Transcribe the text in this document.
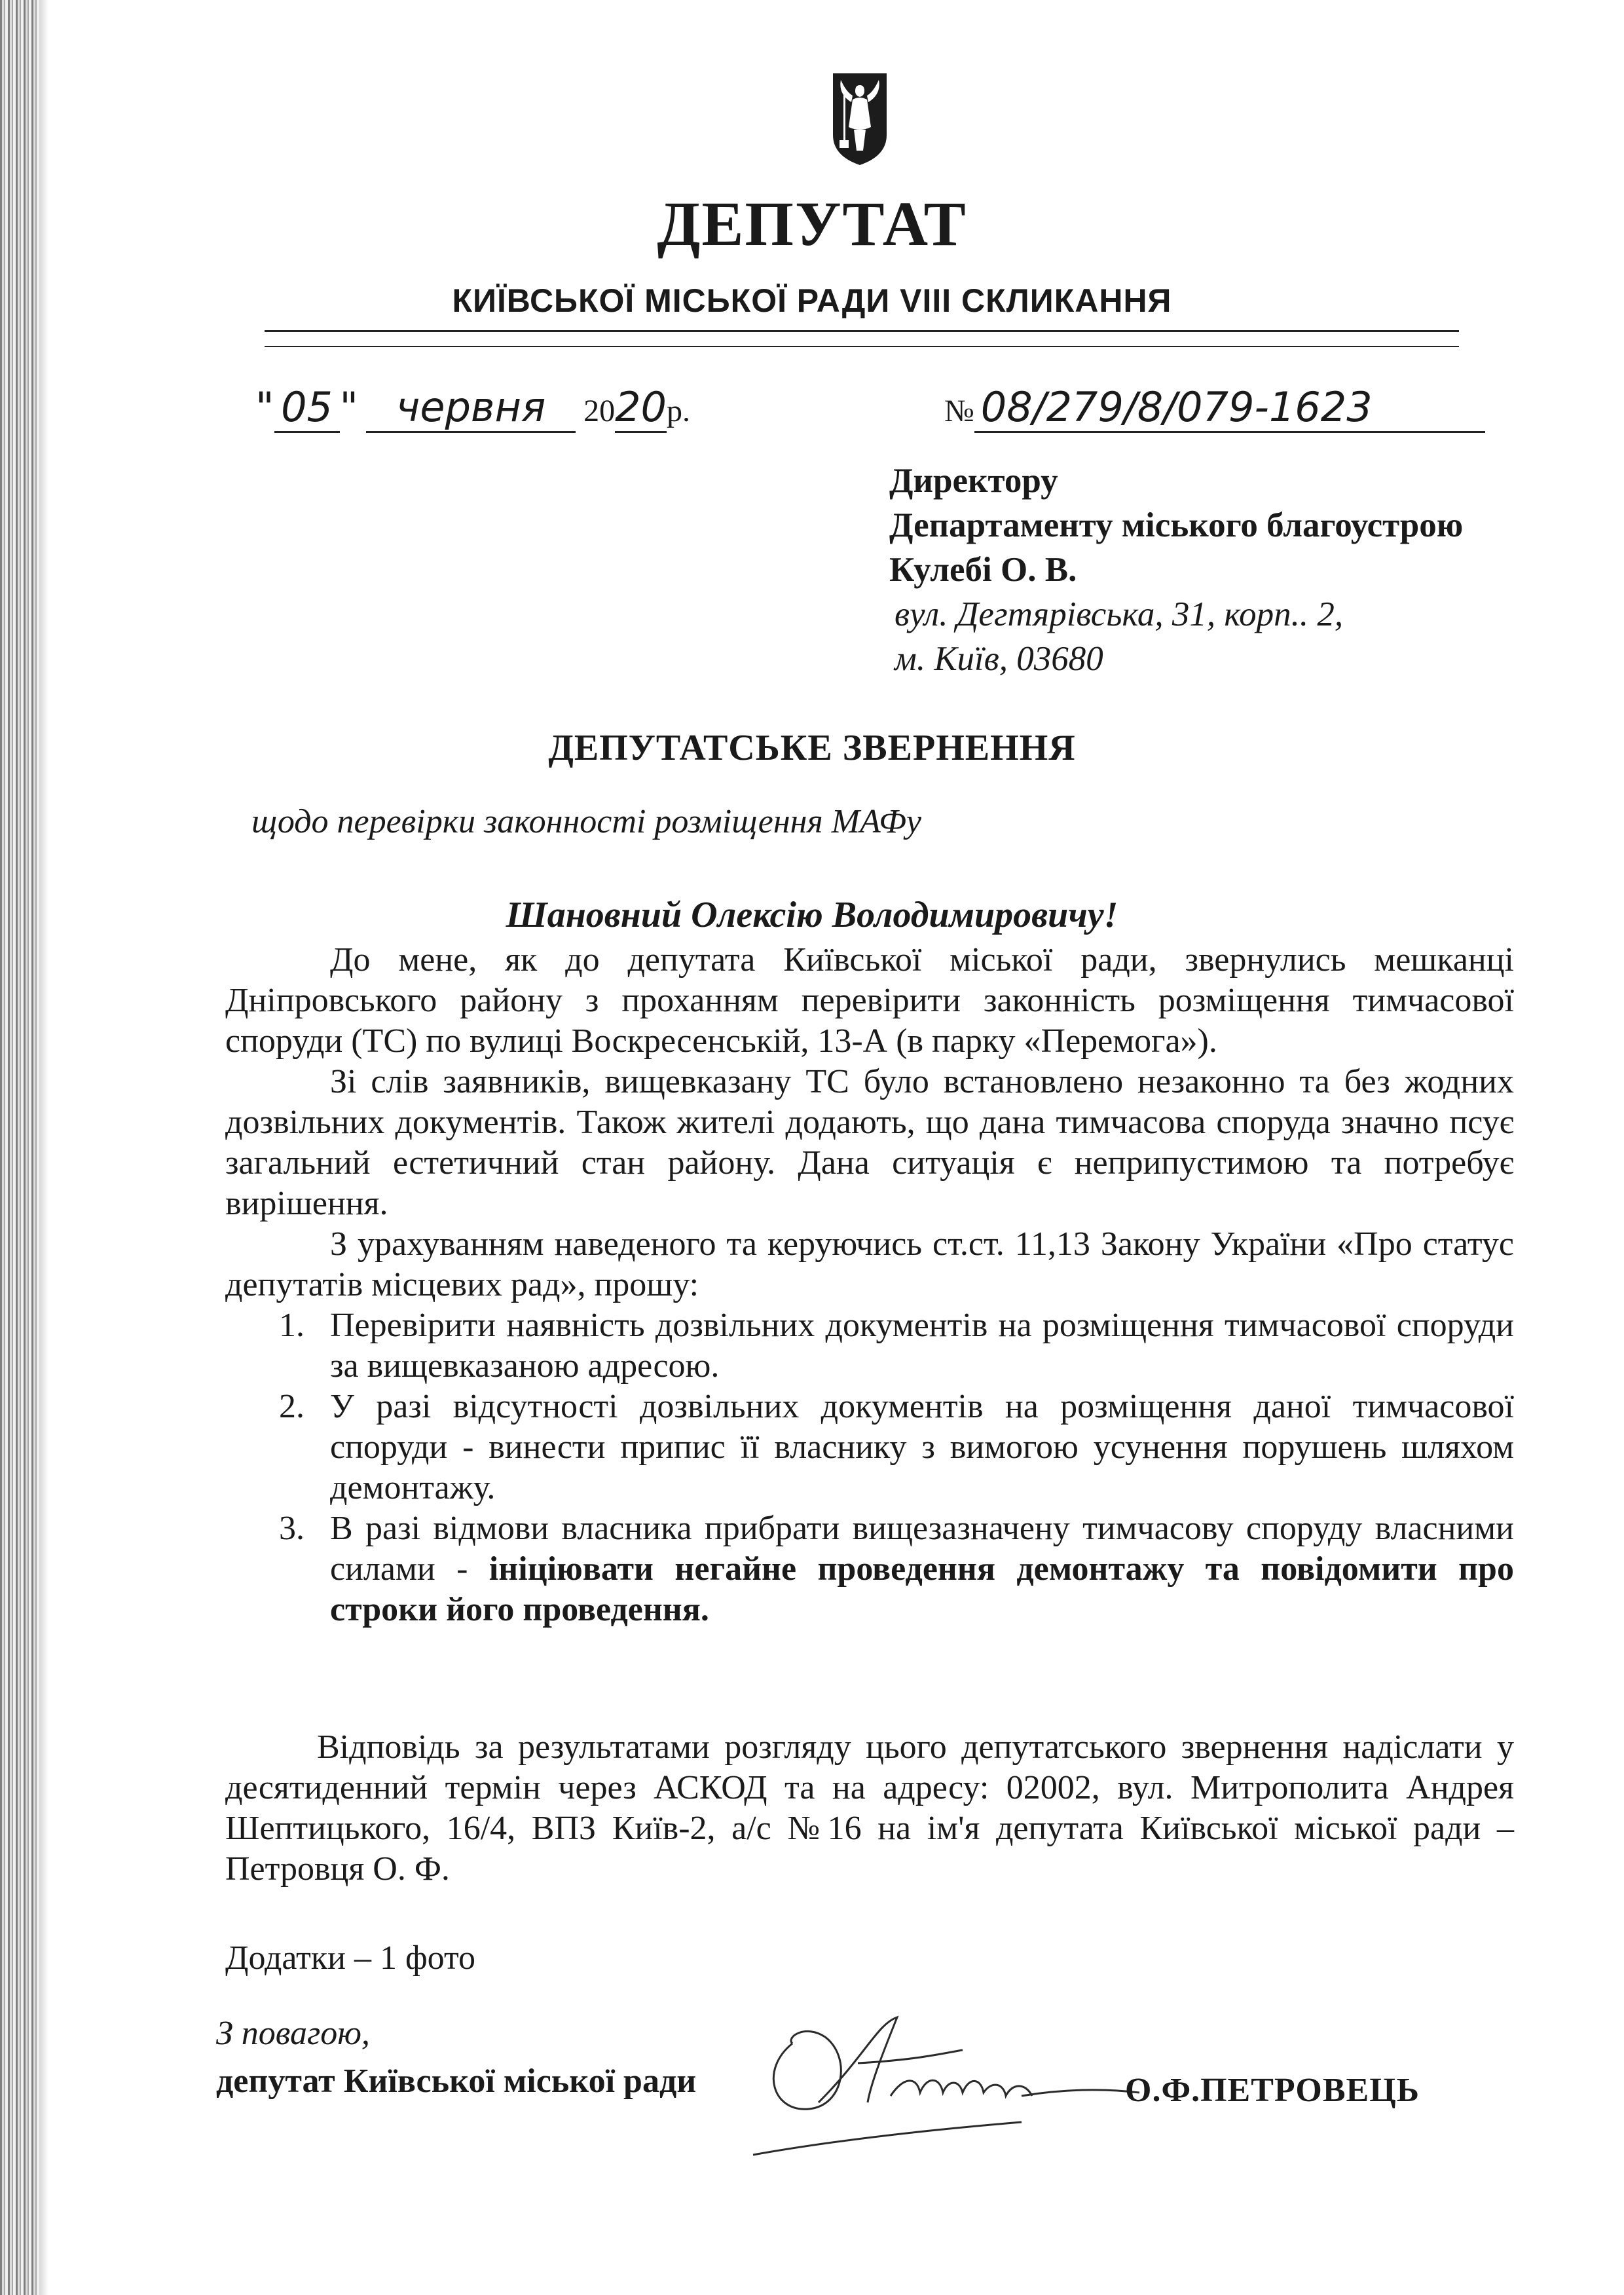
ДЕПУТАТ
КИЇВСЬКОЇ МІСЬКОЇ РАДИ VIII СКЛИКАННЯ
" 05 " червня 2020р.	№ 08/279/8/079-1623
Директору
Департаменту міського благоустрою
Кулебі О. В.
вул. Дегтярівська, 31, корп.. 2,
м. Київ, 03680
ДЕПУТАТСЬКЕ ЗВЕРНЕННЯ
щодо перевірки законності розміщення МАФу
Шановний Олексію Володимировичу!

До мене, як до депутата Київської міської ради, звернулись мешканці Дніпровського району з проханням перевірити законність розміщення тимчасової споруди (ТС) по вулиці Воскресенській, 13-А (в парку «Перемога»).

Зі слів заявників, вищевказану ТС було встановлено незаконно та без жодних дозвільних документів. Також жителі додають, що дана тимчасова споруда значно псує загальний естетичний стан району. Дана ситуація є неприпустимою та потребує вирішення.

З урахуванням наведеного та керуючись ст.ст. 11,13 Закону України «Про статус депутатів місцевих рад», прошу:

1. Перевірити наявність дозвільних документів на розміщення тимчасової споруди за вищевказаною адресою.
2. У разі відсутності дозвільних документів на розміщення даної тимчасової споруди - винести припис її власнику з вимогою усунення порушень шляхом демонтажу.
3. В разі відмови власника прибрати вищезазначену тимчасову споруду власними силами - ініціювати негайне проведення демонтажу та повідомити про строки його проведення.

Відповідь за результатами розгляду цього депутатського звернення надіслати у десятиденний термін через АСКОД та на адресу: 02002, вул. Митрополита Андрея Шептицького, 16/4, ВПЗ Київ-2, а/с №16 на ім'я депутата Київської міської ради – Петровця О. Ф.

Додатки – 1 фото
З повагою,
депутат Київської міської ради	О.Ф.ПЕТРОВЕЦЬ
